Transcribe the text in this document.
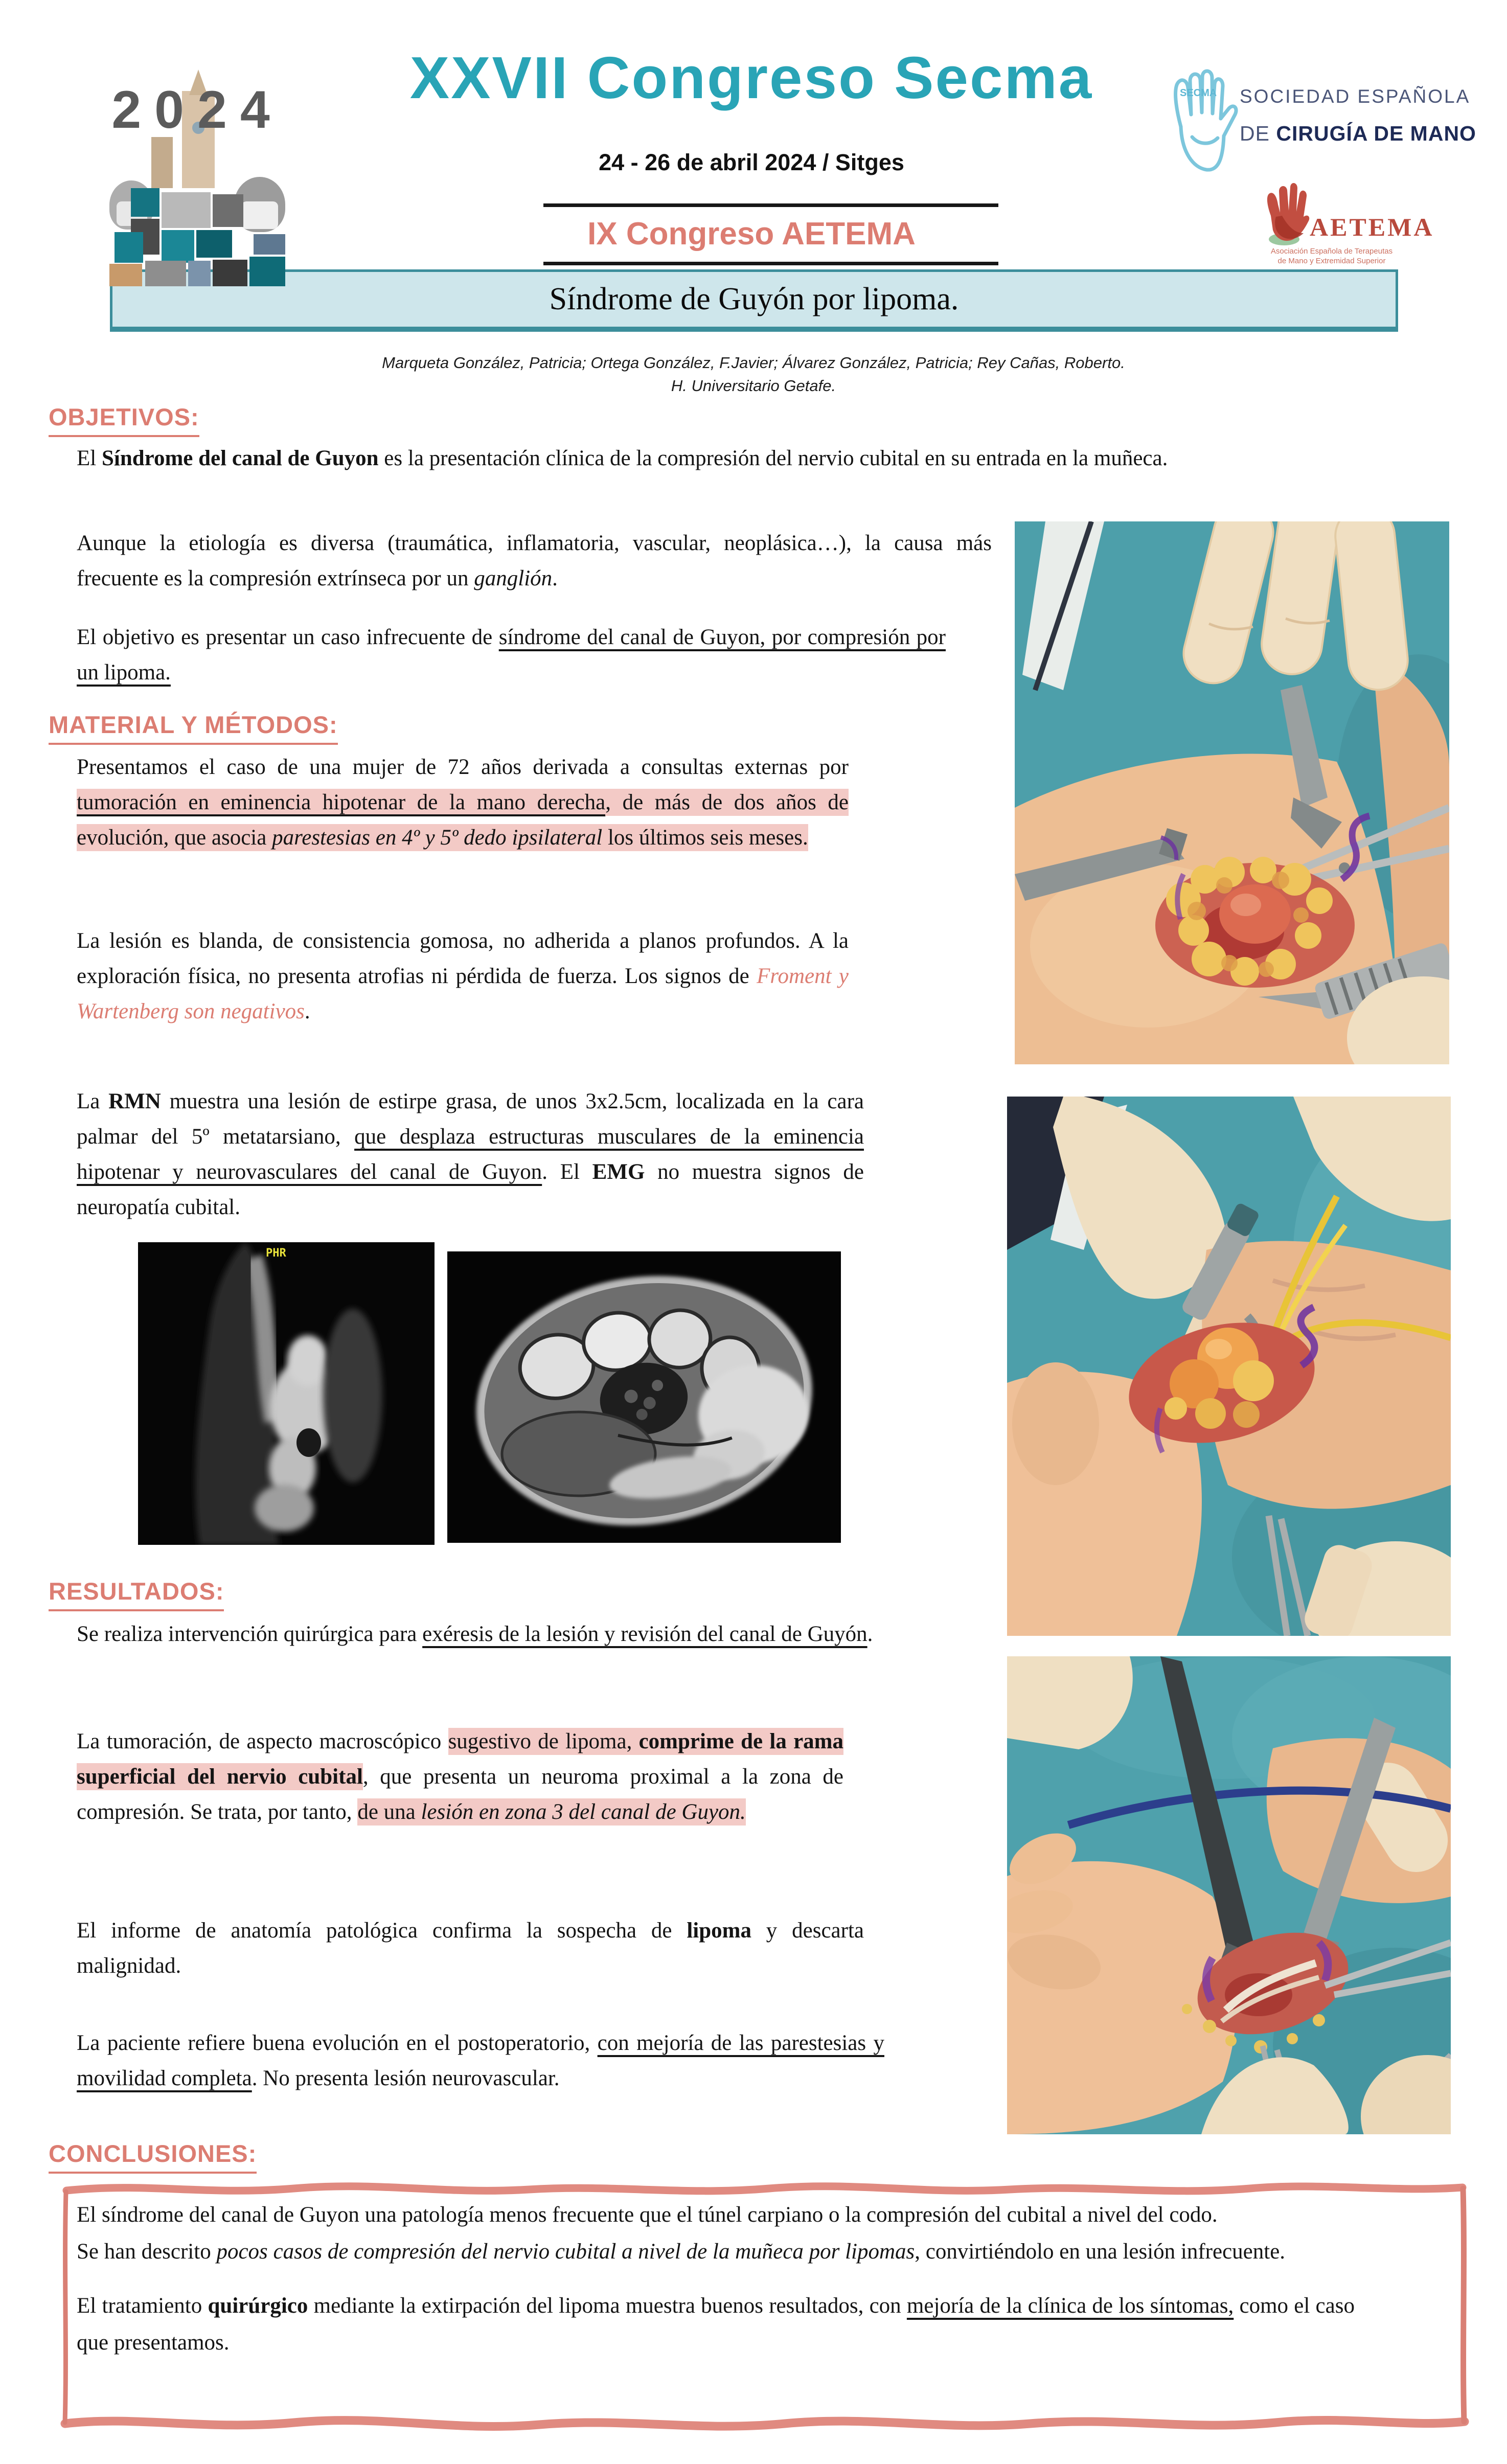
2024	XXVII Congreso Secma
24 - 26 de abril 2024 / Sitges
IX Congreso AETEMA
SECMA SOCIEDAD ESPAÑOLA
DE CIRUGÍA DE MANO
AETEMA
Asociación Española de Terapeutas
de Mano y Extremidad Superior
Síndrome de Guyón por lipoma.
Marqueta González, Patricia; Ortega González, F.Javier; Álvarez González, Patricia; Rey Cañas, Roberto.
H. Universitario Getafe.
OBJETIVOS:
El Síndrome del canal de Guyon es la presentación clínica de la compresión del nervio cubital en su entrada en la muñeca.
Aunque la etiología es diversa (traumática, inflamatoria, vascular, neoplásica…), la causa más frecuente es la compresión extrínseca por un ganglión.
El objetivo es presentar un caso infrecuente de síndrome del canal de Guyon, por compresión por un lipoma.
MATERIAL Y MÉTODOS:
Presentamos el caso de una mujer de 72 años derivada a consultas externas por tumoración en eminencia hipotenar de la mano derecha, de más de dos años de evolución, que asocia parestesias en 4º y 5º dedo ipsilateral los últimos seis meses.
La lesión es blanda, de consistencia gomosa, no adherida a planos profundos. A la exploración física, no presenta atrofias ni pérdida de fuerza. Los signos de Froment y Wartenberg son negativos.
La RMN muestra una lesión de estirpe grasa, de unos 3x2.5cm, localizada en la cara palmar del 5º metatarsiano, que desplaza estructuras musculares de la eminencia hipotenar y neurovasculares del canal de Guyon. El EMG no muestra signos de neuropatía cubital.
PHR
RESULTADOS:
Se realiza intervención quirúrgica para exéresis de la lesión y revisión del canal de Guyón.
La tumoración, de aspecto macroscópico sugestivo de lipoma, comprime de la rama superficial del nervio cubital, que presenta un neuroma proximal a la zona de compresión. Se trata, por tanto, de una lesión en zona 3 del canal de Guyon.
El informe de anatomía patológica confirma la sospecha de lipoma y descarta malignidad.
La paciente refiere buena evolución en el postoperatorio, con mejoría de las parestesias y movilidad completa. No presenta lesión neurovascular.
CONCLUSIONES:

El síndrome del canal de Guyon una patología menos frecuente que el túnel carpiano o la compresión del cubital a nivel del codo.

Se han descrito pocos casos de compresión del nervio cubital a nivel de la muñeca por lipomas, convirtiéndolo en una lesión infrecuente.

El tratamiento quirúrgico mediante la extirpación del lipoma muestra buenos resultados, con mejoría de la clínica de los síntomas, como el caso que presentamos.
